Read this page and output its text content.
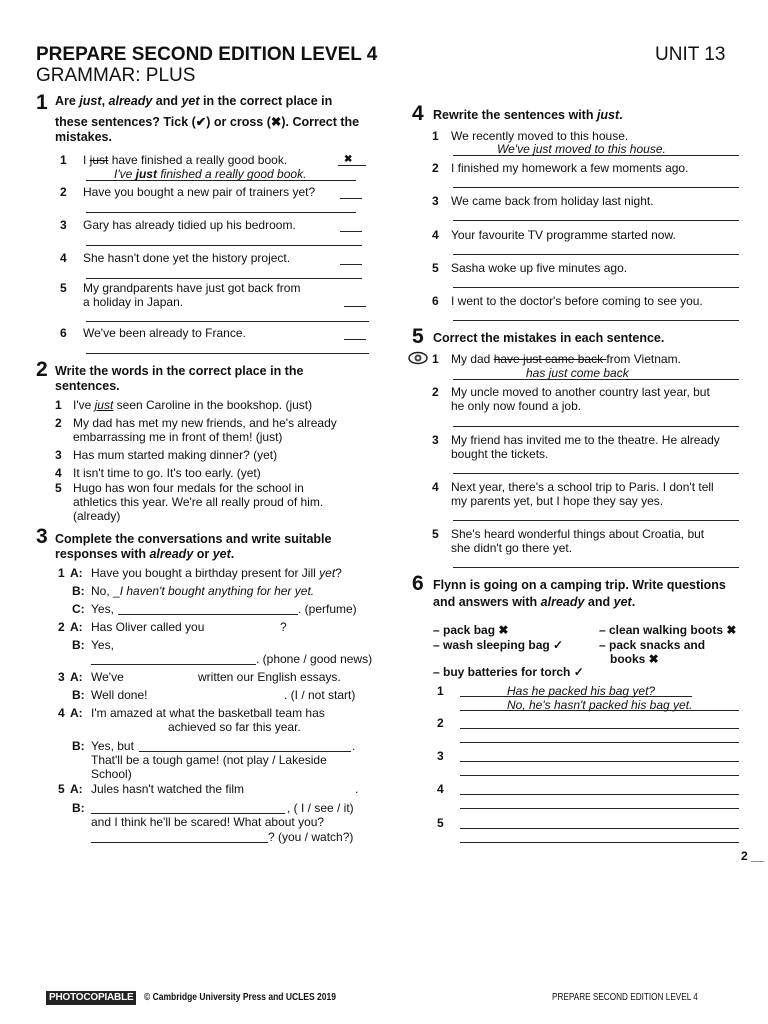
PREPARE SECOND EDITION LEVEL 4	UNIT 13
GRAMMAR: PLUS
1 Are just, already and yet in the correct place in
these sentences? Tick (✔) or cross (✖). Correct the
mistakes.
1 I just have finished a really good book.	✖
I've just finished a really good book.
2 Have you bought a new pair of trainers yet?
3 Gary has already tidied up his bedroom.
4 She hasn't done yet the history project.
5 My grandparents have just got back from
a holiday in Japan.
6 We've been already to France.
2 Write the words in the correct place in the
sentences.
1 I've just seen Caroline in the bookshop. (just)
2 My dad has met my new friends, and he's already
embarrassing me in front of them! (just)
3 Has mum started making dinner? (yet)
4 It isn't time to go. It's too early. (yet)
5 Hugo has won four medals for the school in
athletics this year. We're all really proud of him.
(already)
3 Complete the conversations and write suitable
responses with already or yet.
1 A: Have you bought a birthday present for Jill yet?
B: No, _I haven't bought anything for her yet.
C: Yes,	. (perfume)
2 A: Has Oliver called you	?
B: Yes,
. (phone / good news)
3 A: We've	written our English essays.
B: Well done!	. (I / not start)
4 A: I'm amazed at what the basketball team has
achieved so far this year.
B: Yes, but	.
That'll be a tough game! (not play / Lakeside
School)
5 A: Jules hasn't watched the film	.
B:	, ( I / see / it)
and I think he'll be scared! What about you?
? (you / watch?)
4 Rewrite the sentences with just.
1 We recently moved to this house.
We've just moved to this house.
2 I finished my homework a few moments ago.
3 We came back from holiday last night.
4 Your favourite TV programme started now.
5 Sasha woke up five minutes ago.
6 I went to the doctor's before coming to see you.
5 Correct the mistakes in each sentence.
1 My dad have just came back from Vietnam.
has just come back
2 My uncle moved to another country last year, but
he only now found a job.
3 My friend has invited me to the theatre. He already
bought the tickets.
4 Next year, there's a school trip to Paris. I don't tell
my parents yet, but I hope they say yes.
5 She's heard wonderful things about Croatia, but
she didn't go there yet.
6 Flynn is going on a camping trip. Write questions
and answers with already and yet.
– pack bag ✖
– wash sleeping bag ✓
– buy batteries for torch ✓
– clean walking boots ✖
– pack snacks and
books ✖
1	Has he packed his bag yet?
No, he's hasn't packed his bag yet.
2
3
4
5
2 __
PHOTOCOPIABLE	© Cambridge University Press and UCLES 2019	PREPARE SECOND EDITION LEVEL 4
